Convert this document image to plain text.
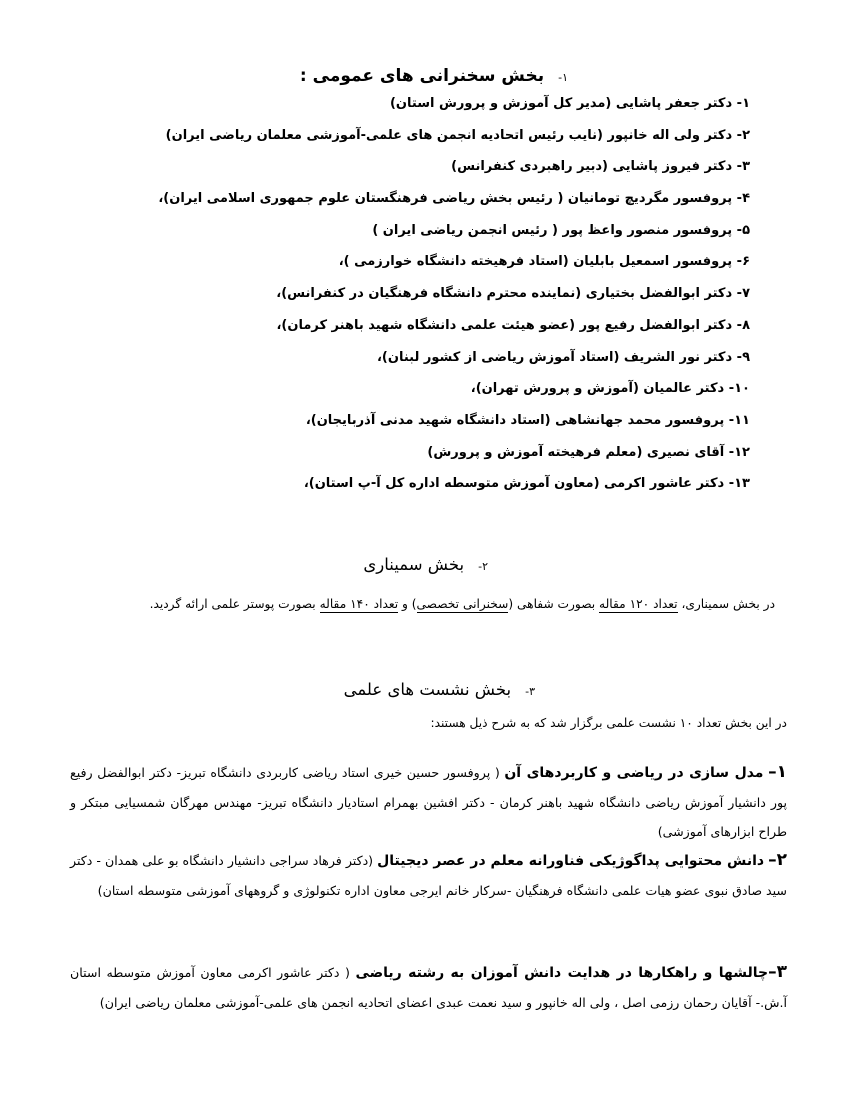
۱-بخش سخنرانی های عمومی :
۱- دکتر جعفر پاشایی (مدیر کل آموزش و پرورش استان)
۲- دکتر ولی اله خانپور (نایب رئیس اتحادیه انجمن های علمی-آموزشی معلمان ریاضی ایران)
۳- دکتر فیروز پاشایی (دبیر راهبردی کنفرانس)
۴- پروفسور مگردیچ تومانیان ( رئیس بخش ریاضی فرهنگستان علوم جمهوری اسلامی ایران)،
۵- پروفسور منصور واعظ پور ( رئیس انجمن ریاضی ایران )
۶- پروفسور اسمعیل بابلیان (استاد فرهیخته دانشگاه خوارزمی )،
۷- دکتر ابوالفضل بختیاری (نماینده محترم دانشگاه فرهنگیان در کنفرانس)،
۸- دکتر ابوالفضل رفیع پور (عضو هیئت علمی دانشگاه شهید باهنر کرمان)،
۹- دکتر نور الشریف (استاد آموزش ریاضی از کشور لبنان)،
۱۰- دکتر عالمیان (آموزش و پرورش تهران)،
۱۱- پروفسور محمد جهانشاهی (استاد دانشگاه شهید مدنی آذربایجان)،
۱۲- آقای نصیری (معلم فرهیخته آموزش و پرورش)
۱۳- دکتر عاشور اکرمی (معاون آموزش متوسطه اداره کل آ-پ استان)،
۲-بخش سمیناری
در بخش سمیناری، تعداد ۱۲۰ مقاله بصورت شفاهی (سخنرانی تخصصی) و تعداد ۱۴۰ مقاله بصورت پوستر علمی ارائه گردید.
۳-بخش نشست های علمی
در این بخش تعداد ۱۰ نشست علمی برگزار شد که به شرح ذیل هستند:
۱– مدل سازی در ریاضی و کاربردهای آن ( پروفسور حسین خیری استاد ریاضی کاربردی دانشگاه تبریز- دکتر ابوالفضل رفیع پور دانشیار آموزش ریاضی دانشگاه شهید باهنر کرمان - دکتر افشین بهمرام استادیار دانشگاه تبریز- مهندس مهرگان شمسیایی مبتکر و طراح ابزارهای آموزشی)
۲– دانش محتوایی پداگوژیکی فناورانه معلم در عصر دیجیتال (دکتر فرهاد سراجی دانشیار دانشگاه بو علی همدان - دکتر سید صادق نبوی عضو هیات علمی دانشگاه فرهنگیان -سرکار خانم ایرجی معاون اداره تکنولوژی و گروههای آموزشی متوسطه استان)
۳–چالشها و راهکارها در هدایت دانش آموزان به رشته ریاضی ( دکتر عاشور اکرمی معاون آموزش متوسطه استان آ.ش.- آقایان رحمان رزمی اصل ، ولی اله خانپور و سید نعمت عبدی اعضای اتحادیه انجمن های علمی-آموزشی معلمان ریاضی ایران)
